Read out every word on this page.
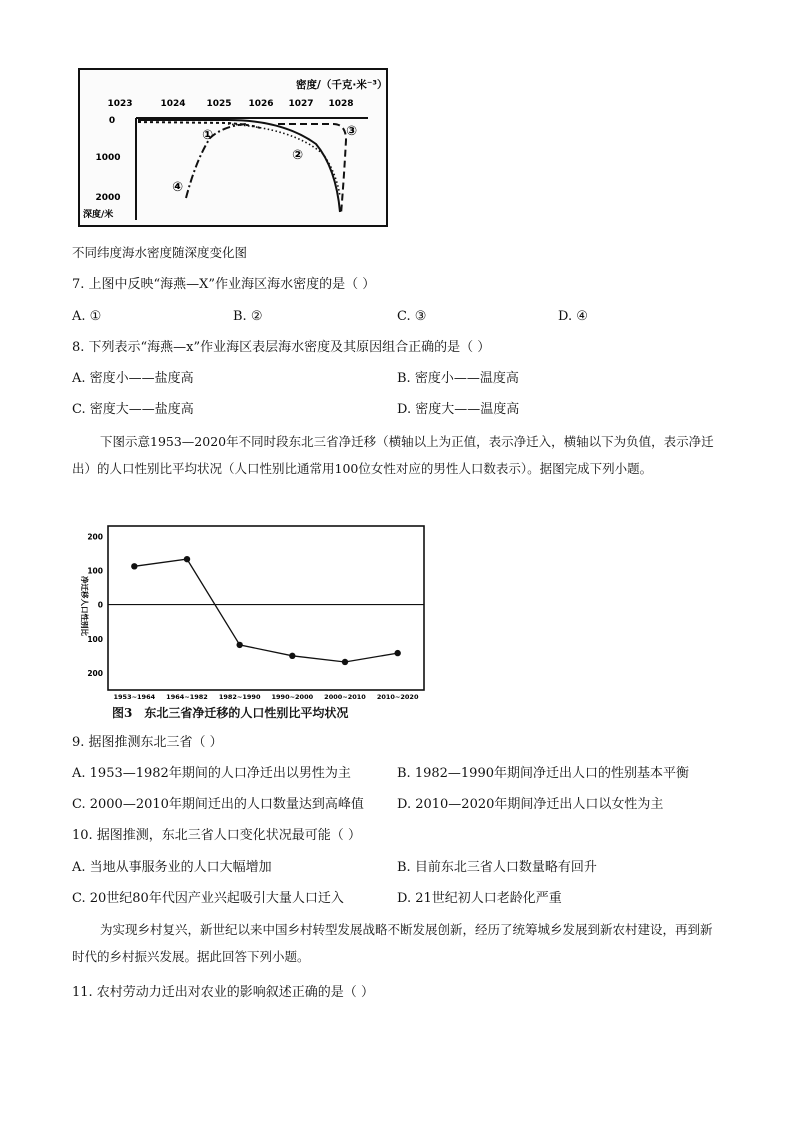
密度/（千克·米⁻³）
1023	1024 1025 1026 1027 1028
0
1000
2000
深度/米
①
②
③
④
不同纬度海水密度随深度变化图
7. 上图中反映“海燕—X”作业海区海水密度的是（ ）
A. ①	B. ②	C. ③	D. ④
8. 下列表示“海燕—x”作业海区表层海水密度及其原因组合正确的是（ ）
A. 密度小——盐度高	B. 密度小——温度高
C. 密度大——盐度高	D. 密度大——温度高
下图示意1953—2020年不同时段东北三省净迁移（横轴以上为正值，表示净迁入，横轴以下为负值，表示净迁出）的人口性别比平均状况（人口性别比通常用100位女性对应的男性人口数表示）。据图完成下列小题。
200
100
0
100
200
1953~1964 1964~1982 1982~1990 1990~2000 2000~2010 2010~2020
净迁移人口性别比
图3　东北三省净迁移的人口性别比平均状况
9. 据图推测东北三省（ ）
A. 1953—1982年期间的人口净迁出以男性为主	B. 1982—1990年期间净迁出人口的性别基本平衡
C. 2000—2010年期间迁出的人口数量达到高峰值	D. 2010—2020年期间净迁出人口以女性为主
10. 据图推测，东北三省人口变化状况最可能（ ）
A. 当地从事服务业的人口大幅增加	B. 目前东北三省人口数量略有回升
C. 20世纪80年代因产业兴起吸引大量人口迁入	D. 21世纪初人口老龄化严重
为实现乡村复兴，新世纪以来中国乡村转型发展战略不断发展创新，经历了统筹城乡发展到新农村建设，再到新时代的乡村振兴发展。据此回答下列小题。
11. 农村劳动力迁出对农业的影响叙述正确的是（ ）
